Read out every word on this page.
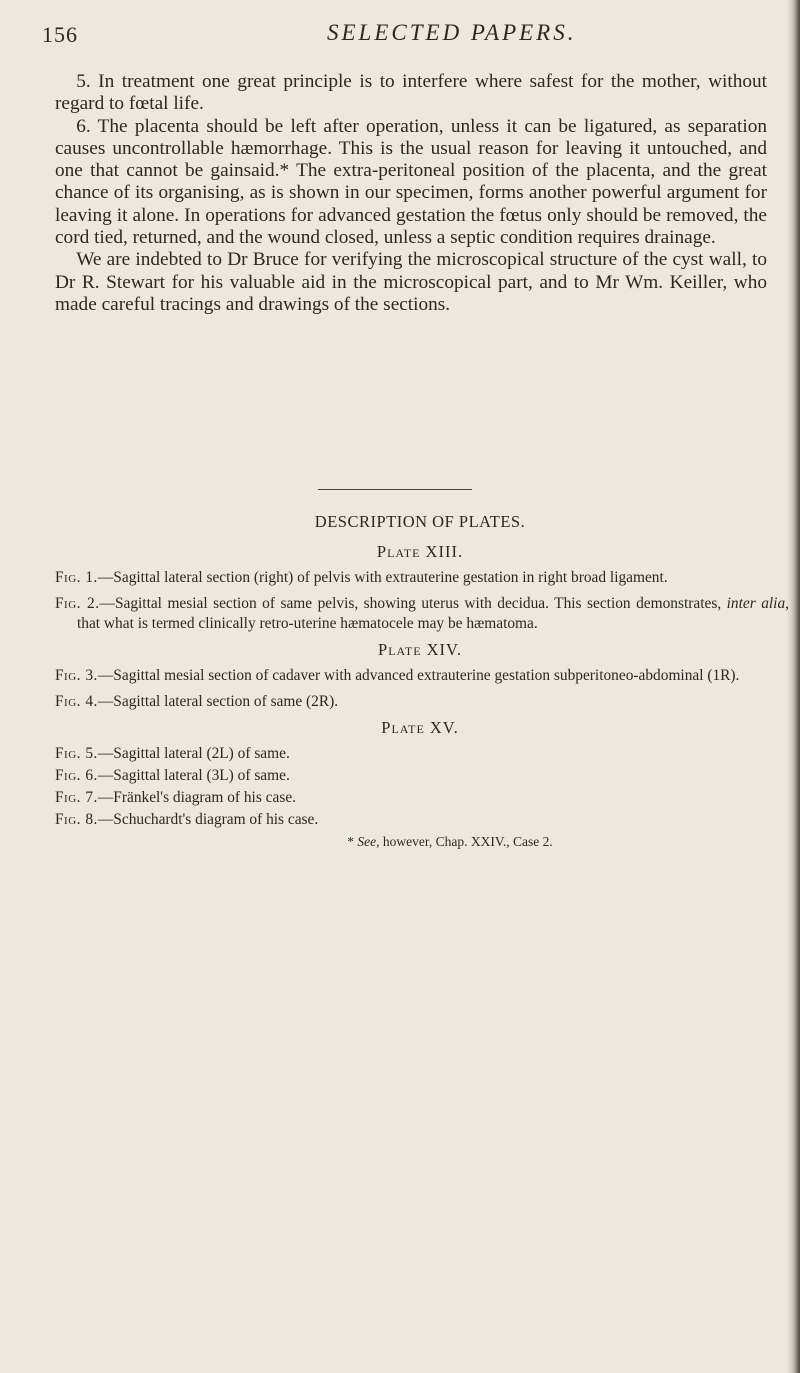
156	SELECTED PAPERS.

5. In treatment one great principle is to interfere where safest for the mother, without regard to fœtal life.

6. The placenta should be left after operation, unless it can be ligatured, as separation causes uncontrollable hæmorrhage. This is the usual reason for leaving it untouched, and one that cannot be gainsaid.* The extra-peritoneal position of the placenta, and the great chance of its organising, as is shown in our specimen, forms another powerful argument for leaving it alone. In operations for advanced gestation the fœtus only should be removed, the cord tied, returned, and the wound closed, unless a septic condition requires drainage.

We are indebted to Dr Bruce for verifying the microscopical structure of the cyst wall, to Dr R. Stewart for his valuable aid in the microscopical part, and to Mr Wm. Keiller, who made careful tracings and drawings of the sections.

DESCRIPTION OF PLATES.
Plate XIII.
Fig. 1.—Sagittal lateral section (right) of pelvis with extrauterine gestation in right broad ligament.
Fig. 2.—Sagittal mesial section of same pelvis, showing uterus with decidua. This section demonstrates, inter alia, that what is termed clinically retro-uterine hæmatocele may be hæmatoma.
Plate XIV.
Fig. 3.—Sagittal mesial section of cadaver with advanced extrauterine gestation subperitoneo-abdominal (1R).
Fig. 4.—Sagittal lateral section of same (2R).
Plate XV.
Fig. 5.—Sagittal lateral (2L) of same.
Fig. 6.—Sagittal lateral (3L) of same.
Fig. 7.—Fränkel's diagram of his case.
Fig. 8.—Schuchardt's diagram of his case.
* See, however, Chap. XXIV., Case 2.
